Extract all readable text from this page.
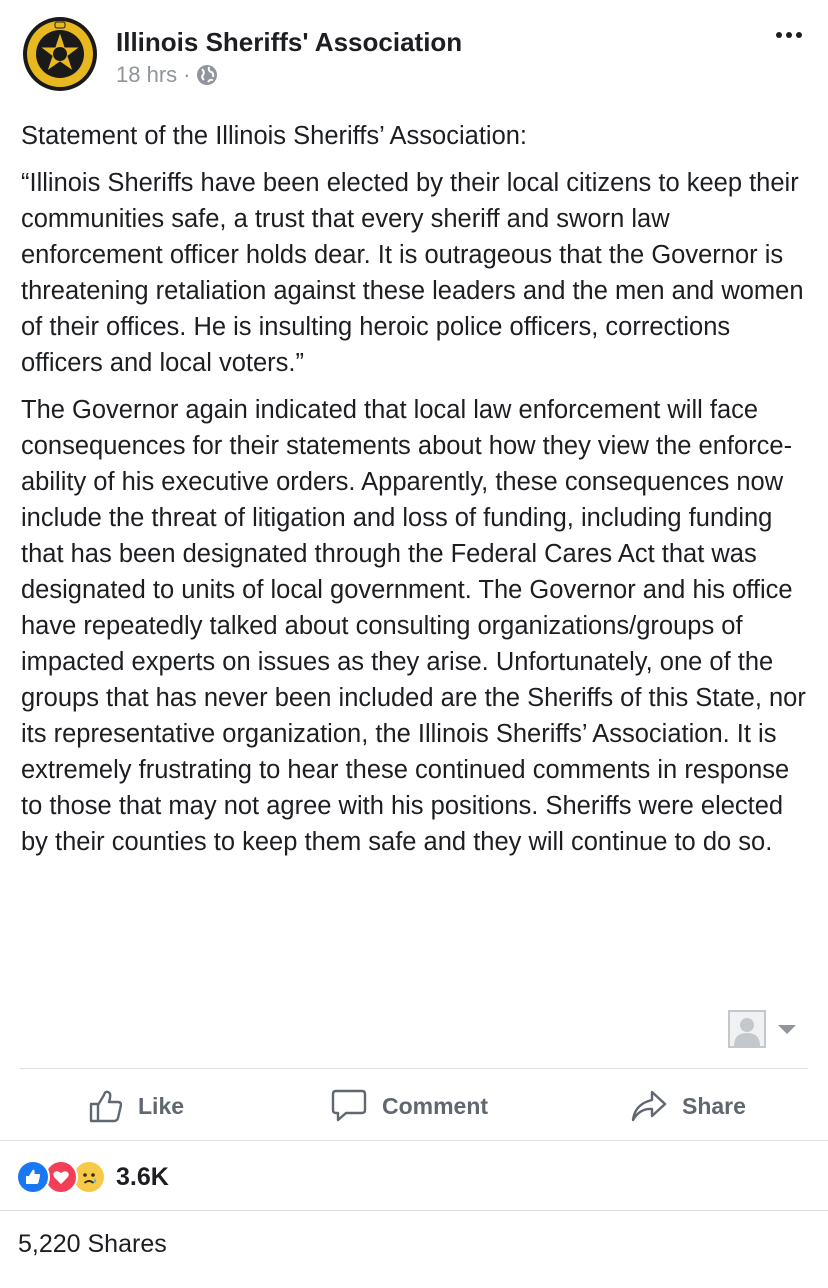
Illinois Sheriffs' Association
18 hrs ·

Statement of the Illinois Sheriffs’ Association:

“Illinois Sheriffs have been elected by their local citizens to keep their communities safe, a trust that every sheriff and sworn law enforcement officer holds dear. It is outrageous that the Governor is threatening retaliation against these leaders and the men and women of their offices. He is insulting heroic police officers, corrections officers and local voters.”

The Governor again indicated that local law enforcement will face consequences for their statements about how they view the enforce-ability of his executive orders. Apparently, these consequences now include the threat of litigation and loss of funding, including funding that has been designated through the Federal Cares Act that was designated to units of local government. The Governor and his office have repeatedly talked about consulting organizations/groups of impacted experts on issues as they arise. Unfortunately, one of the groups that has never been included are the Sheriffs of this State, nor its representative organization, the Illinois Sheriffs’ Association. It is extremely frustrating to hear these continued comments in response to those that may not agree with his positions. Sheriffs were elected by their counties to keep them safe and they will continue to do so.

Like	Comment	Share
3.6K
5,220 Shares
